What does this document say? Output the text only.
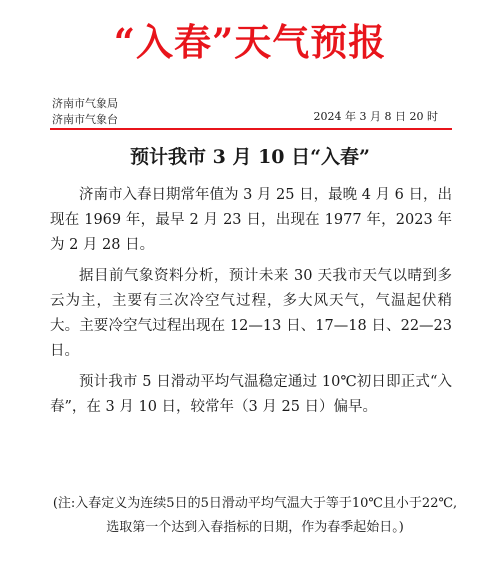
“入春”天气预报
济南市气象局
济南市气象台	2024 年 3 月 8 日 20 时
预计我市 3 月 10 日“入春”

济南市入春日期常年值为 3 月 25 日，最晚 4 月 6 日，出现在 1969 年，最早 2 月 23 日，出现在 1977 年，2023 年为 2 月 28 日。

据目前气象资料分析，预计未来 30 天我市天气以晴到多云为主，主要有三次冷空气过程，多大风天气，气温起伏稍大。主要冷空气过程出现在 12—13 日、17—18 日、22—23 日。

预计我市 5 日滑动平均气温稳定通过 10℃初日即正式“入春”，在 3 月 10 日，较常年（3 月 25 日）偏早。

(注:入春定义为连续5日的5日滑动平均气温大于等于10℃且小于22℃,
选取第一个达到入春指标的日期，作为春季起始日。)
